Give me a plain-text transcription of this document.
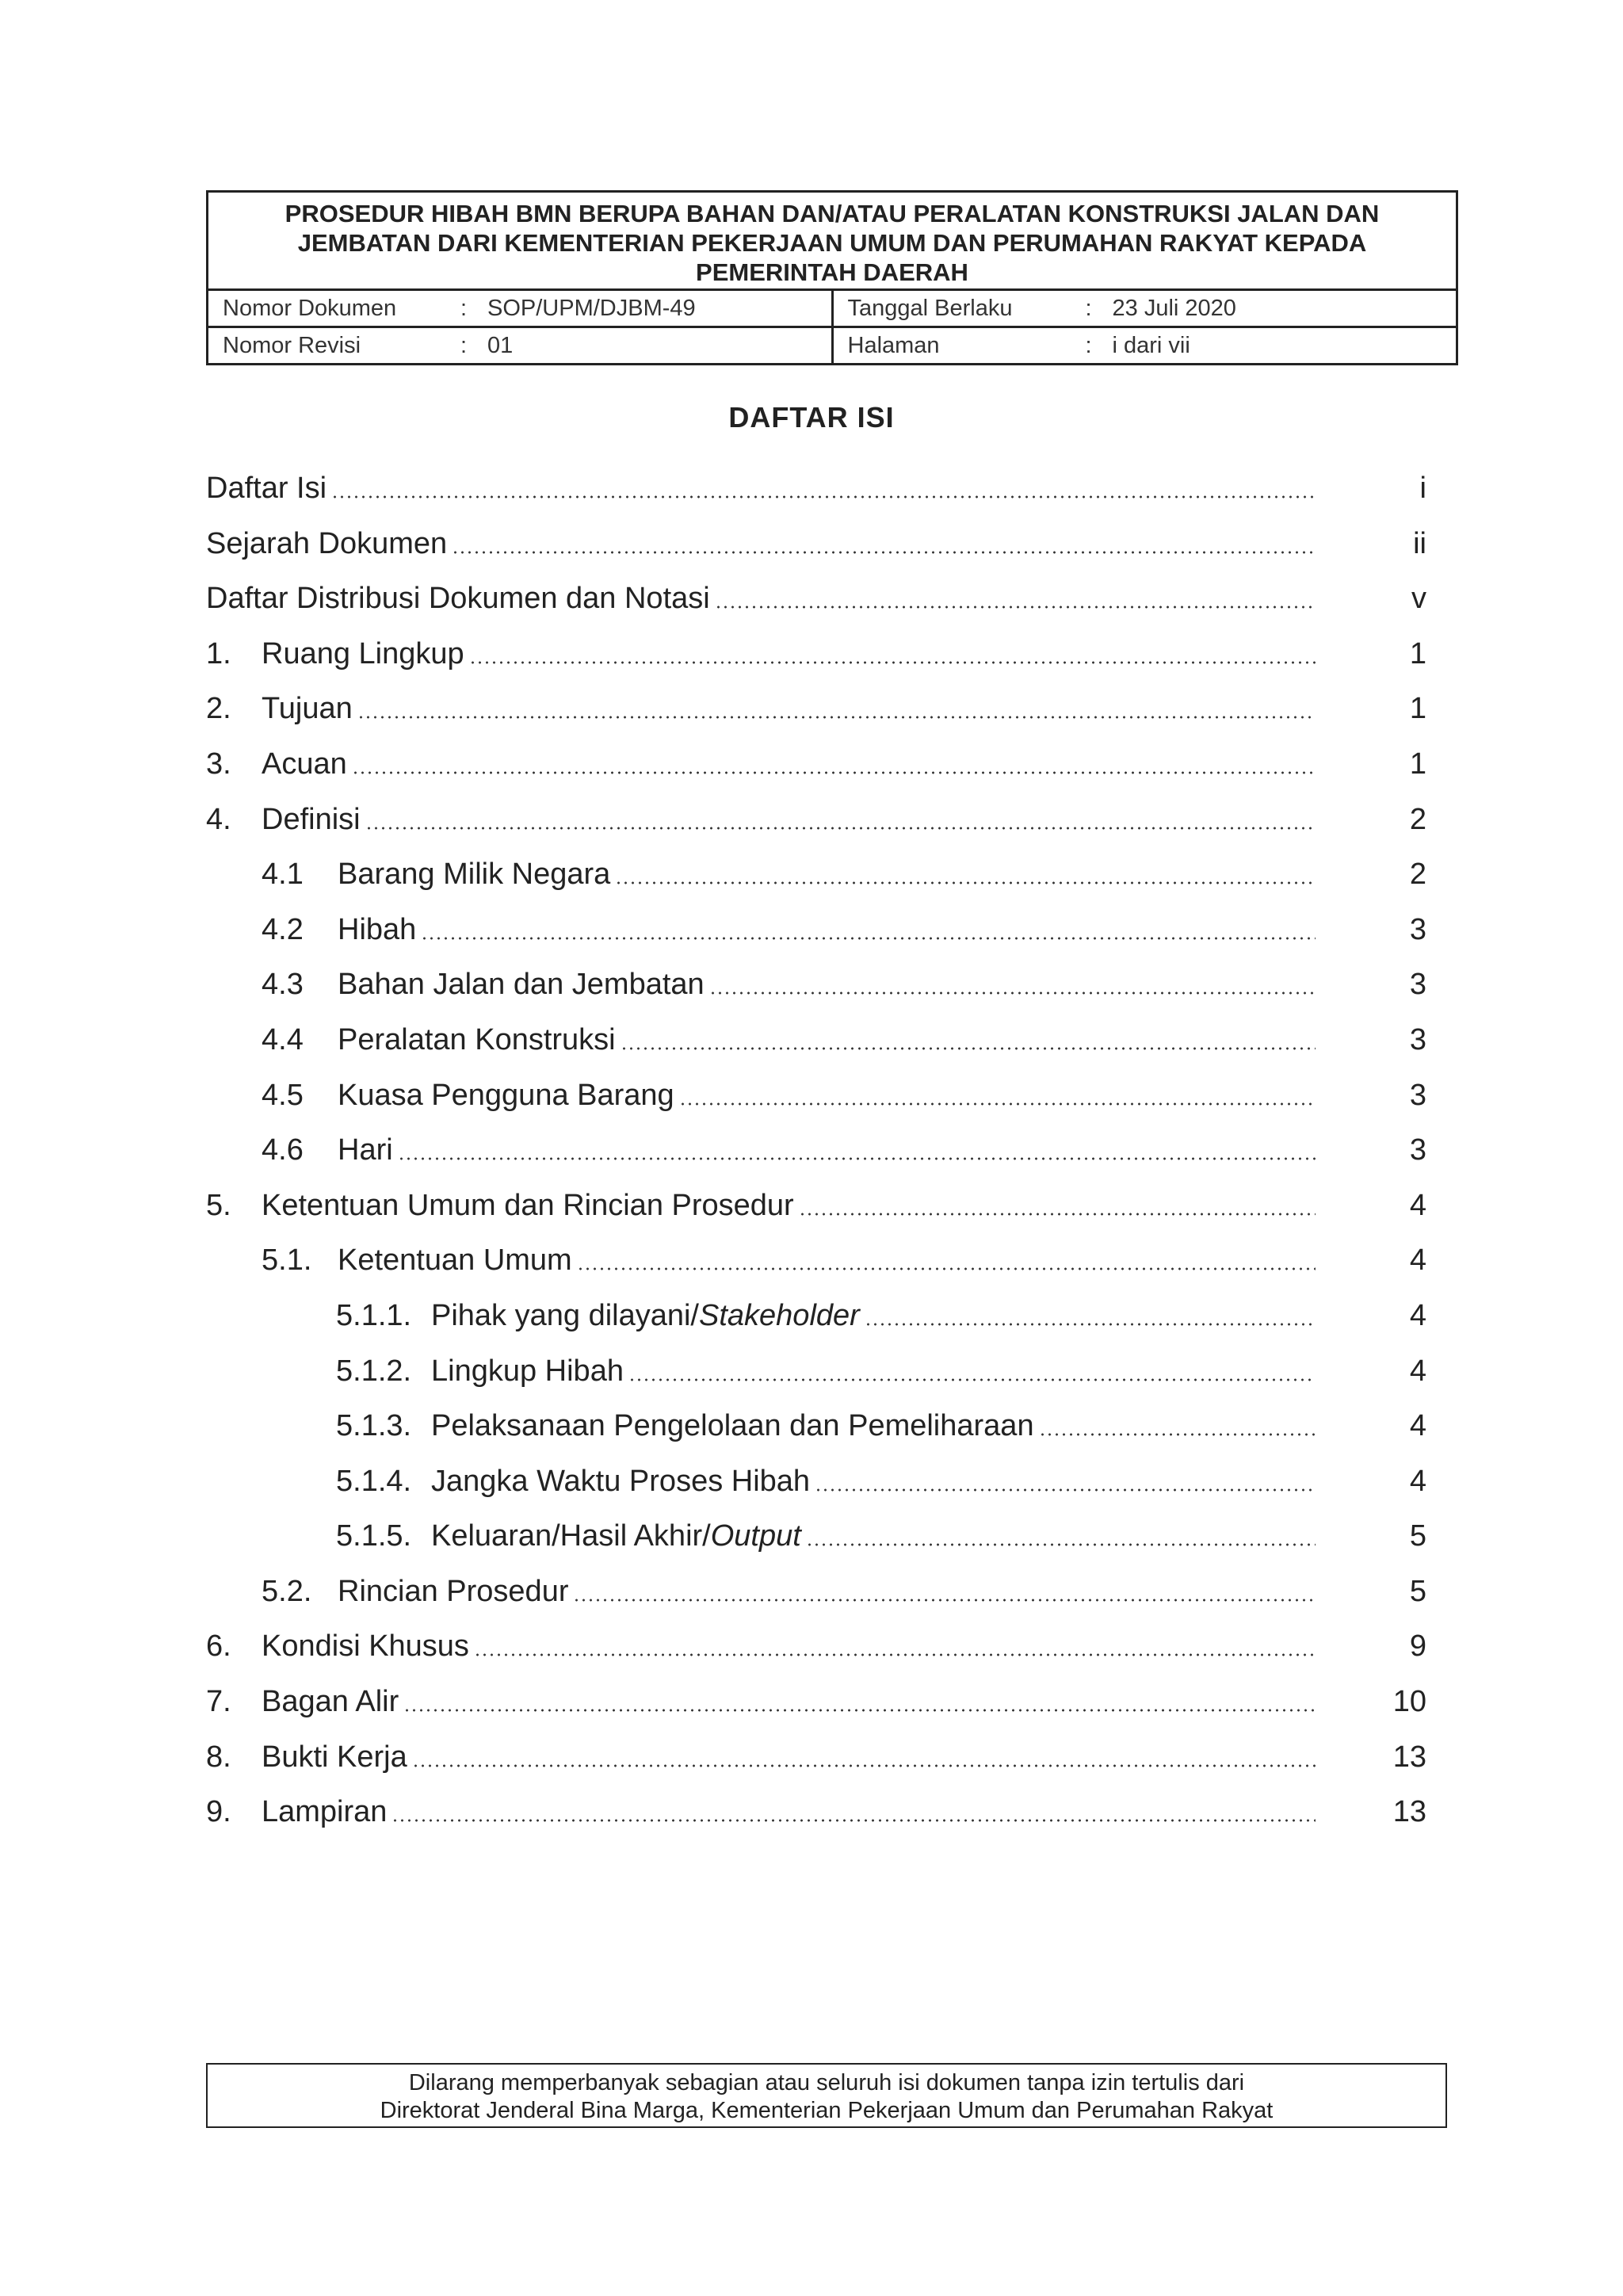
PROSEDUR HIBAH BMN BERUPA BAHAN DAN/ATAU PERALATAN KONSTRUKSI JALAN DAN JEMBATAN DARI KEMENTERIAN PEKERJAAN UMUM DAN PERUMAHAN RAKYAT KEPADA PEMERINTAH DAERAH
Nomor Dokumen	: SOP/UPM/DJBM-49	Tanggal Berlaku	: 23 Juli 2020
Nomor Revisi	: 01	Halaman	: i dari vii
DAFTAR ISI
Daftar Isi	i
Sejarah Dokumen	ii
Daftar Distribusi Dokumen dan Notasi	v
1.	Ruang Lingkup	1
2.	Tujuan	1
3.	Acuan	1
4.	Definisi	2
4.1	Barang Milik Negara	2
4.2	Hibah	3
4.3	Bahan Jalan dan Jembatan	3
4.4	Peralatan Konstruksi	3
4.5	Kuasa Pengguna Barang	3
4.6	Hari	3
5.	Ketentuan Umum dan Rincian Prosedur	4
5.1. Ketentuan Umum	4
5.1.1. Pihak yang dilayani/Stakeholder	4
5.1.2. Lingkup Hibah	4
5.1.3. Pelaksanaan Pengelolaan dan Pemeliharaan	4
5.1.4. Jangka Waktu Proses Hibah	4
5.1.5. Keluaran/Hasil Akhir/Output	5
5.2. Rincian Prosedur	5
6.	Kondisi Khusus	9
7.	Bagan Alir	10
8.	Bukti Kerja	13
9.	Lampiran	13
Dilarang memperbanyak sebagian atau seluruh isi dokumen tanpa izin tertulis dari
Direktorat Jenderal Bina Marga, Kementerian Pekerjaan Umum dan Perumahan Rakyat
